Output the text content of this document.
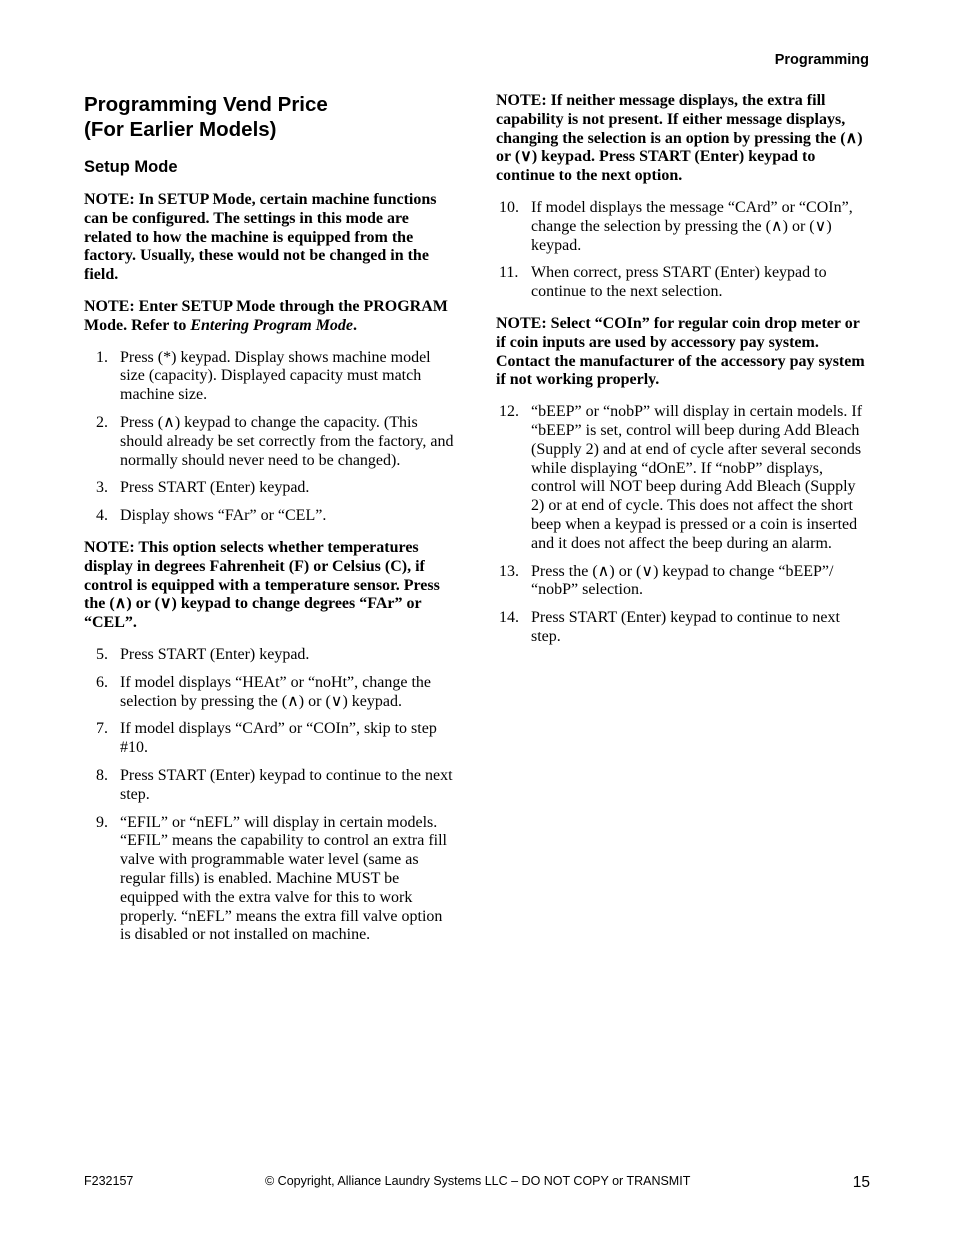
Programming
Programming Vend Price
(For Earlier Models)
Setup Mode

NOTE: In SETUP Mode, certain machine functions can be configured. The settings in this mode are related to how the machine is equipped from the factory. Usually, these would not be changed in the field.

NOTE: Enter SETUP Mode through the PROGRAM Mode. Refer to Entering Program Mode.

1. Press (*) keypad. Display shows machine model size (capacity). Displayed capacity must match machine size.
2. Press (∧) keypad to change the capacity. (This should already be set correctly from the factory, and normally should never need to be changed).
3. Press START (Enter) keypad.
4. Display shows “FAr” or “CEL”.

NOTE: This option selects whether temperatures display in degrees Fahrenheit (F) or Celsius (C), if control is equipped with a temperature sensor. Press the (∧) or (∨) keypad to change degrees “FAr” or “CEL”.

5. Press START (Enter) keypad.
6. If model displays “HEAt” or “noHt”, change the selection by pressing the (∧) or (∨) keypad.
7. If model displays “CArd” or “COIn”, skip to step #10.
8. Press START (Enter) keypad to continue to the next step.
9. “EFIL” or “nEFL” will display in certain models. “EFIL” means the capability to control an extra fill valve with programmable water level (same as regular fills) is enabled. Machine MUST be equipped with the extra valve for this to work properly. “nEFL” means the extra fill valve option is disabled or not installed on machine.

NOTE: If neither message displays, the extra fill capability is not present. If either message displays, changing the selection is an option by pressing the (∧) or (∨) keypad. Press START (Enter) keypad to continue to the next option.

10. If model displays the message “CArd” or “COIn”, change the selection by pressing the (∧) or (∨) keypad.
11. When correct, press START (Enter) keypad to continue to the next selection.

NOTE: Select “COIn” for regular coin drop meter or if coin inputs are used by accessory pay system. Contact the manufacturer of the accessory pay system if not working properly.

12. “bEEP” or “nobP” will display in certain models. If “bEEP” is set, control will beep during Add Bleach (Supply 2) and at end of cycle after several seconds while displaying “dOnE”. If “nobP” displays, control will NOT beep during Add Bleach (Supply 2) or at end of cycle. This does not affect the short beep when a keypad is pressed or a coin is inserted and it does not affect the beep during an alarm.
13. Press the (∧) or (∨) keypad to change “bEEP”/ “nobP” selection.
14. Press START (Enter) keypad to continue to next step.
F232157	© Copyright, Alliance Laundry Systems LLC – DO NOT COPY or TRANSMIT	15
